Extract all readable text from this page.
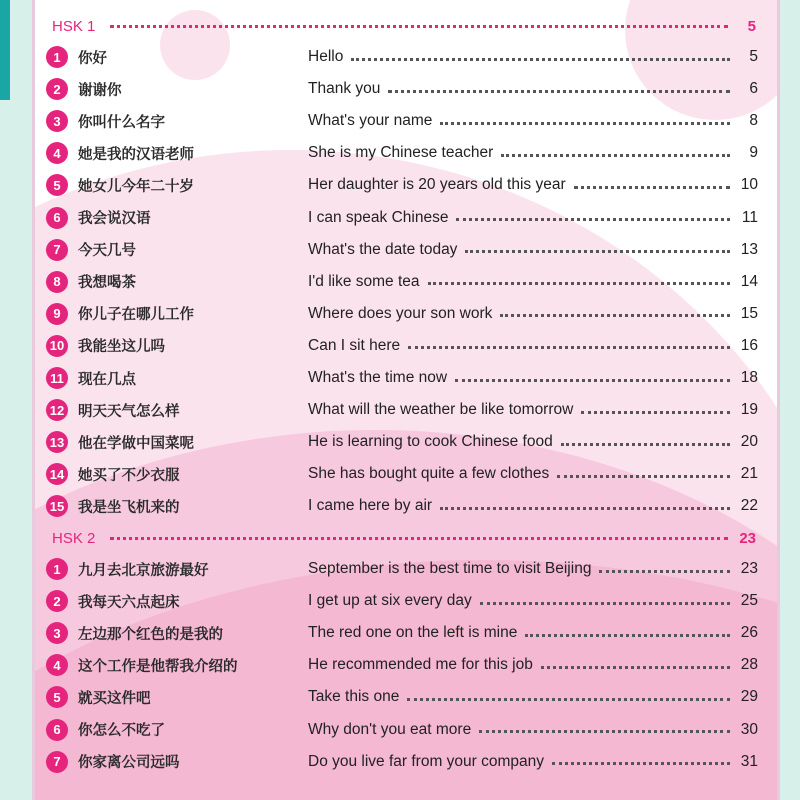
HSK 1	5
1	你好	Hello	5
2	谢谢你	Thank you	6
3	你叫什么名字	What's your name	8
4	她是我的汉语老师	She is my Chinese teacher	9
5	她女儿今年二十岁	Her daughter is 20 years old this year	10
6	我会说汉语	I can speak Chinese	11
7	今天几号	What's the date today	13
8	我想喝茶	I'd like some tea	14
9	你儿子在哪儿工作	Where does your son work	15
10 我能坐这儿吗	Can I sit here	16
11 现在几点	What's the time now	18
12 明天天气怎么样	What will the weather be like tomorrow	19
13 他在学做中国菜呢	He is learning to cook Chinese food	20
14 她买了不少衣服	She has bought quite a few clothes	21
15 我是坐飞机来的	I came here by air	22
HSK 2	23
1	九月去北京旅游最好	September is the best time to visit Beijing	23
2	我每天六点起床	I get up at six every day	25
3	左边那个红色的是我的	The red one on the left is mine	26
4	这个工作是他帮我介绍的	He recommended me for this job	28
5	就买这件吧	Take this one	29
6	你怎么不吃了	Why don't you eat more	30
7	你家离公司远吗	Do you live far from your company	31
